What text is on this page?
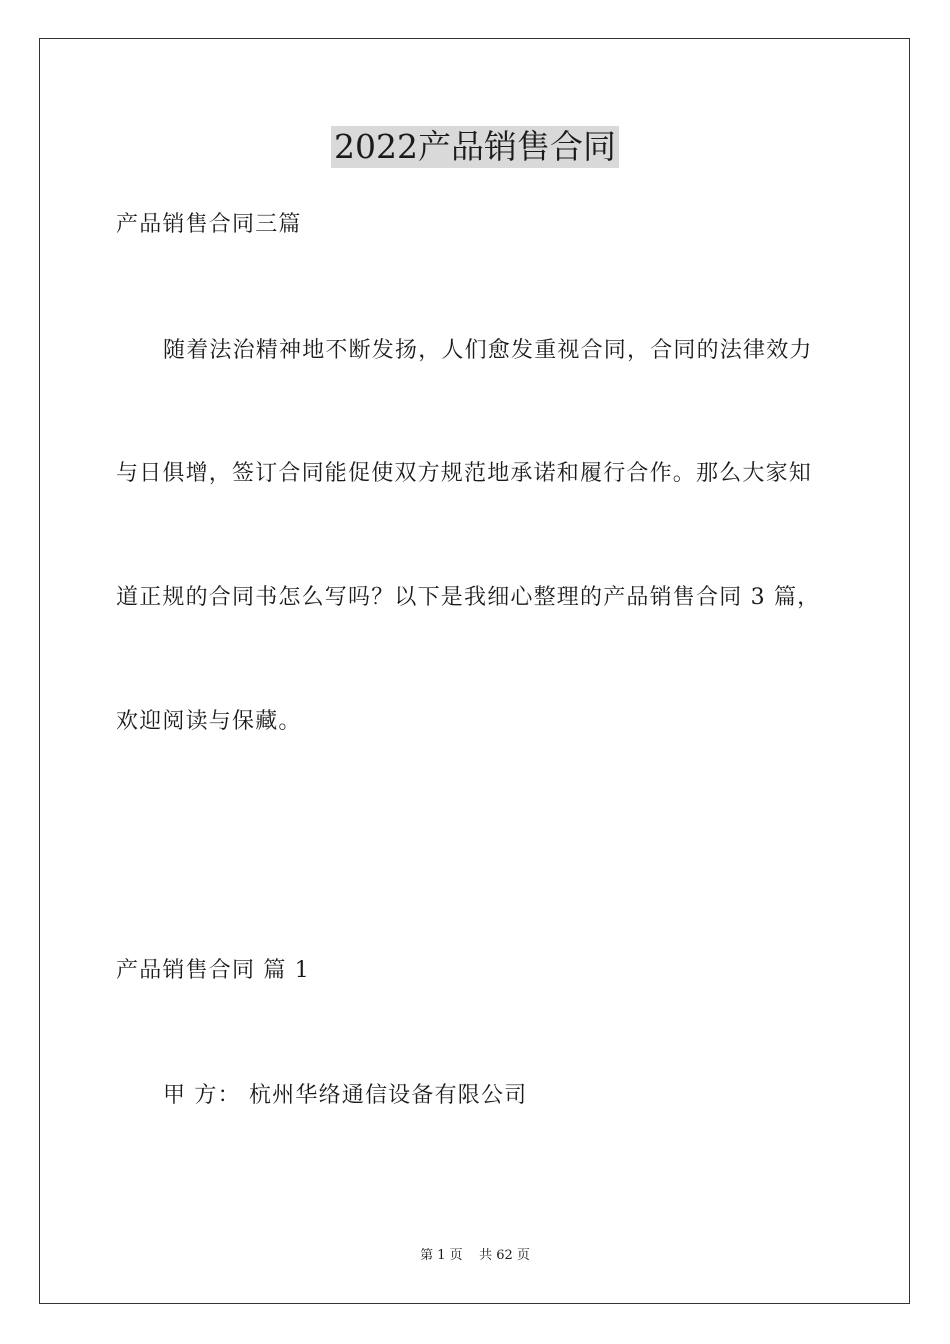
2022产品销售合同
产品销售合同三篇
随着法治精神地不断发扬，人们愈发重视合同，合同的法律效力
与日俱增，签订合同能促使双方规范地承诺和履行合作。那么大家知
道正规的合同书怎么写吗？以下是我细心整理的产品销售合同 3 篇，
欢迎阅读与保藏。
产品销售合同 篇 1
甲 方： 杭州华络通信设备有限公司
第 1 页    共 62 页
